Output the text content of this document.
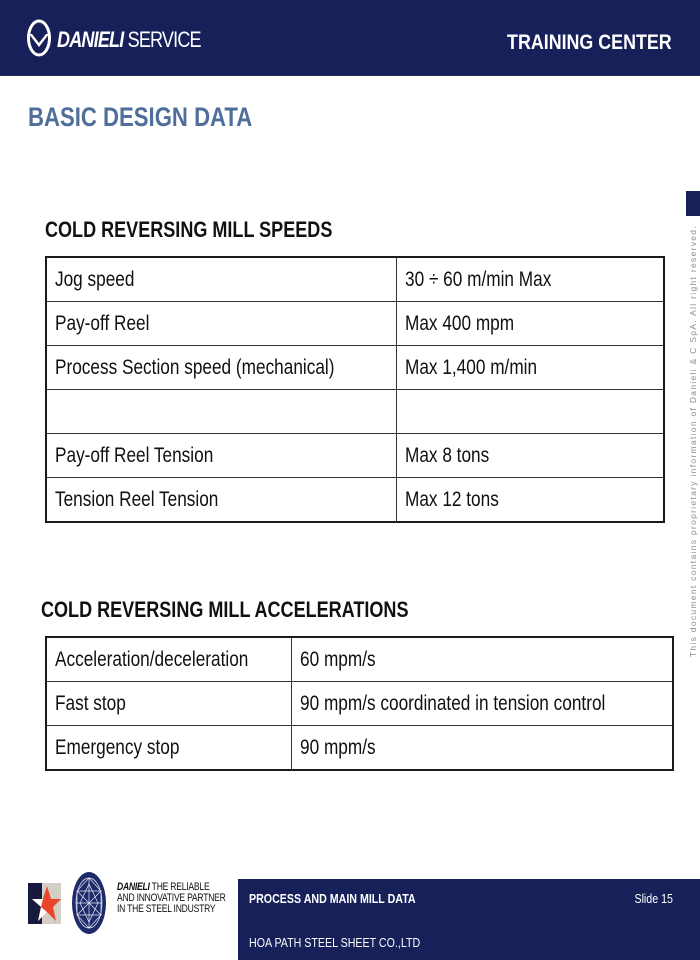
DANIELI SERVICE	TRAINING CENTER
BASIC DESIGN DATA
This document contains proprietary information of Danieli & C SpA. All right reserved.
COLD REVERSING MILL SPEEDS
Jog speed	30 ÷ 60 m/min Max
Pay-off Reel	Max 400 mpm
Process Section speed (mechanical)	Max 1,400 m/min

Pay-off Reel Tension	Max 8 tons
Tension Reel Tension	Max 12 tons
COLD REVERSING MILL ACCELERATIONS
Acceleration/deceleration	60 mpm/s
Fast stop	90 mpm/s coordinated in tension control
Emergency stop	90 mpm/s
DANIELI THE RELIABLE
AND INNOVATIVE PARTNER
IN THE STEEL INDUSTRY
PROCESS AND MAIN MILL DATA	Slide 15
HOA PATH STEEL SHEET CO.,LTD
